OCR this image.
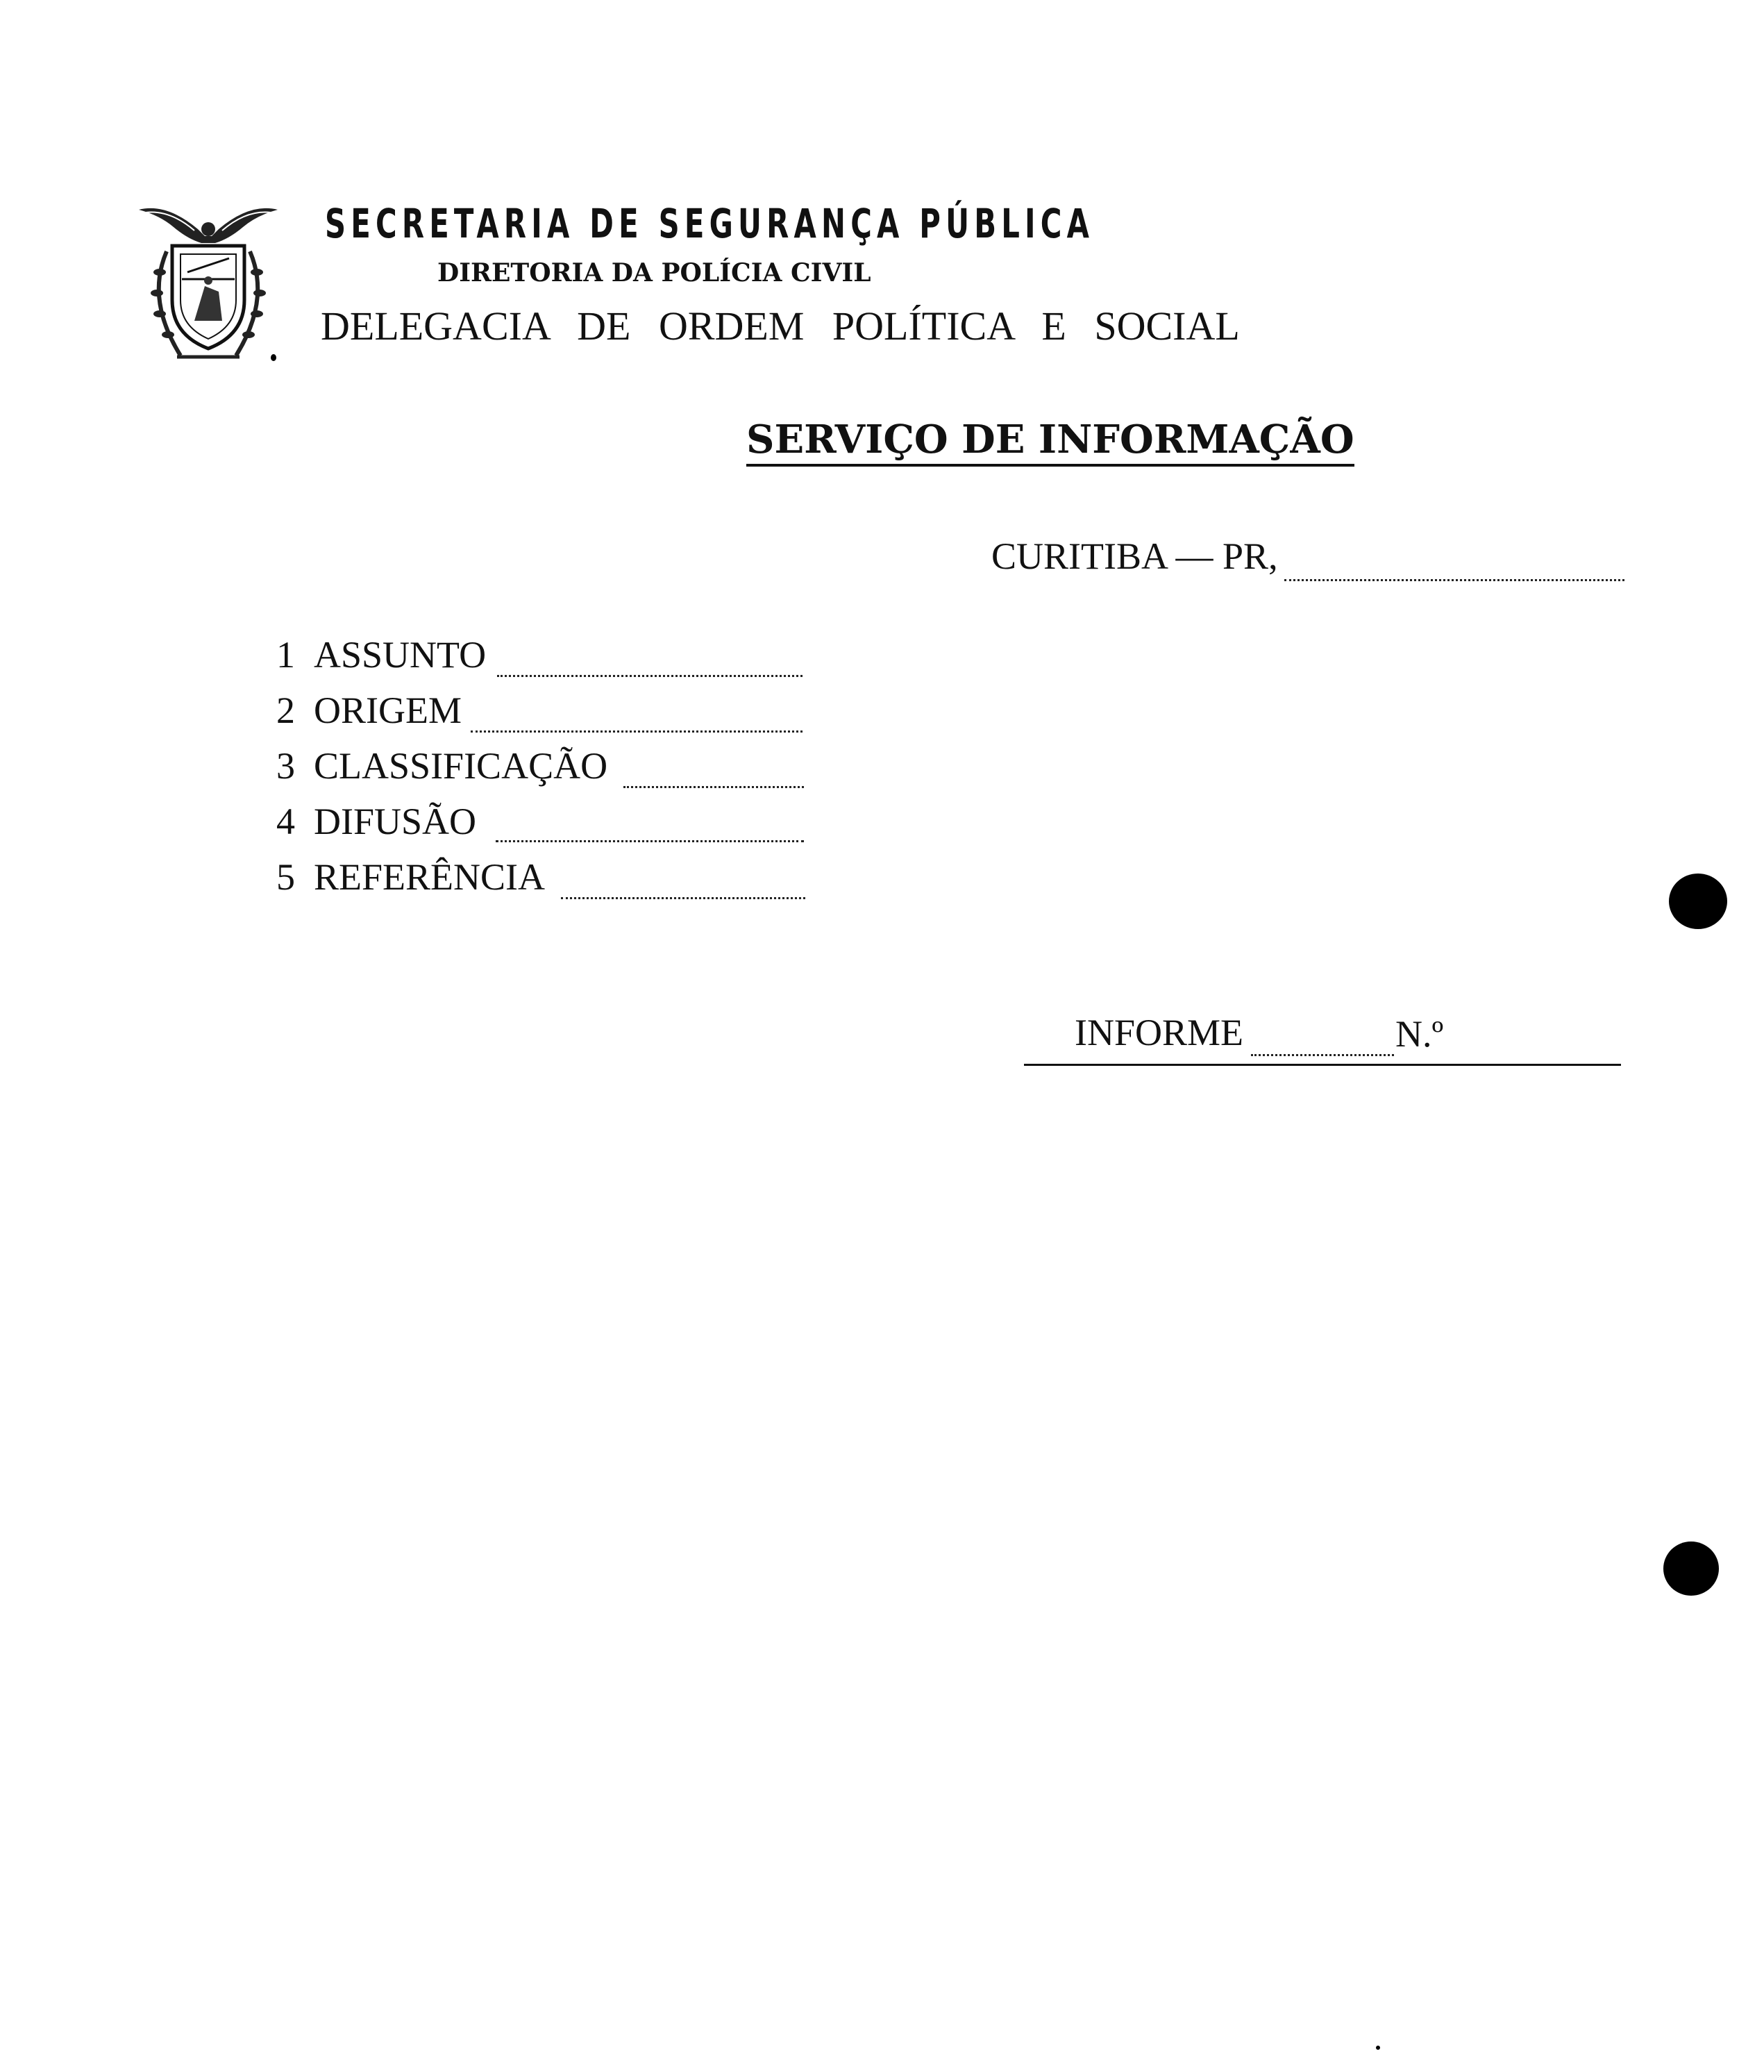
SECRETARIA DE SEGURANÇA PÚBLICA
DIRETORIA DA POLÍCIA CIVIL
DELEGACIA DE ORDEM POLÍTICA E SOCIAL
SERVIÇO DE INFORMAÇÃO
CURITIBA — PR,
1 ASSUNTO
2 ORIGEM
3 CLASSIFICAÇÃO
4 DIFUSÃO
5 REFERÊNCIA
INFORME	N.º
